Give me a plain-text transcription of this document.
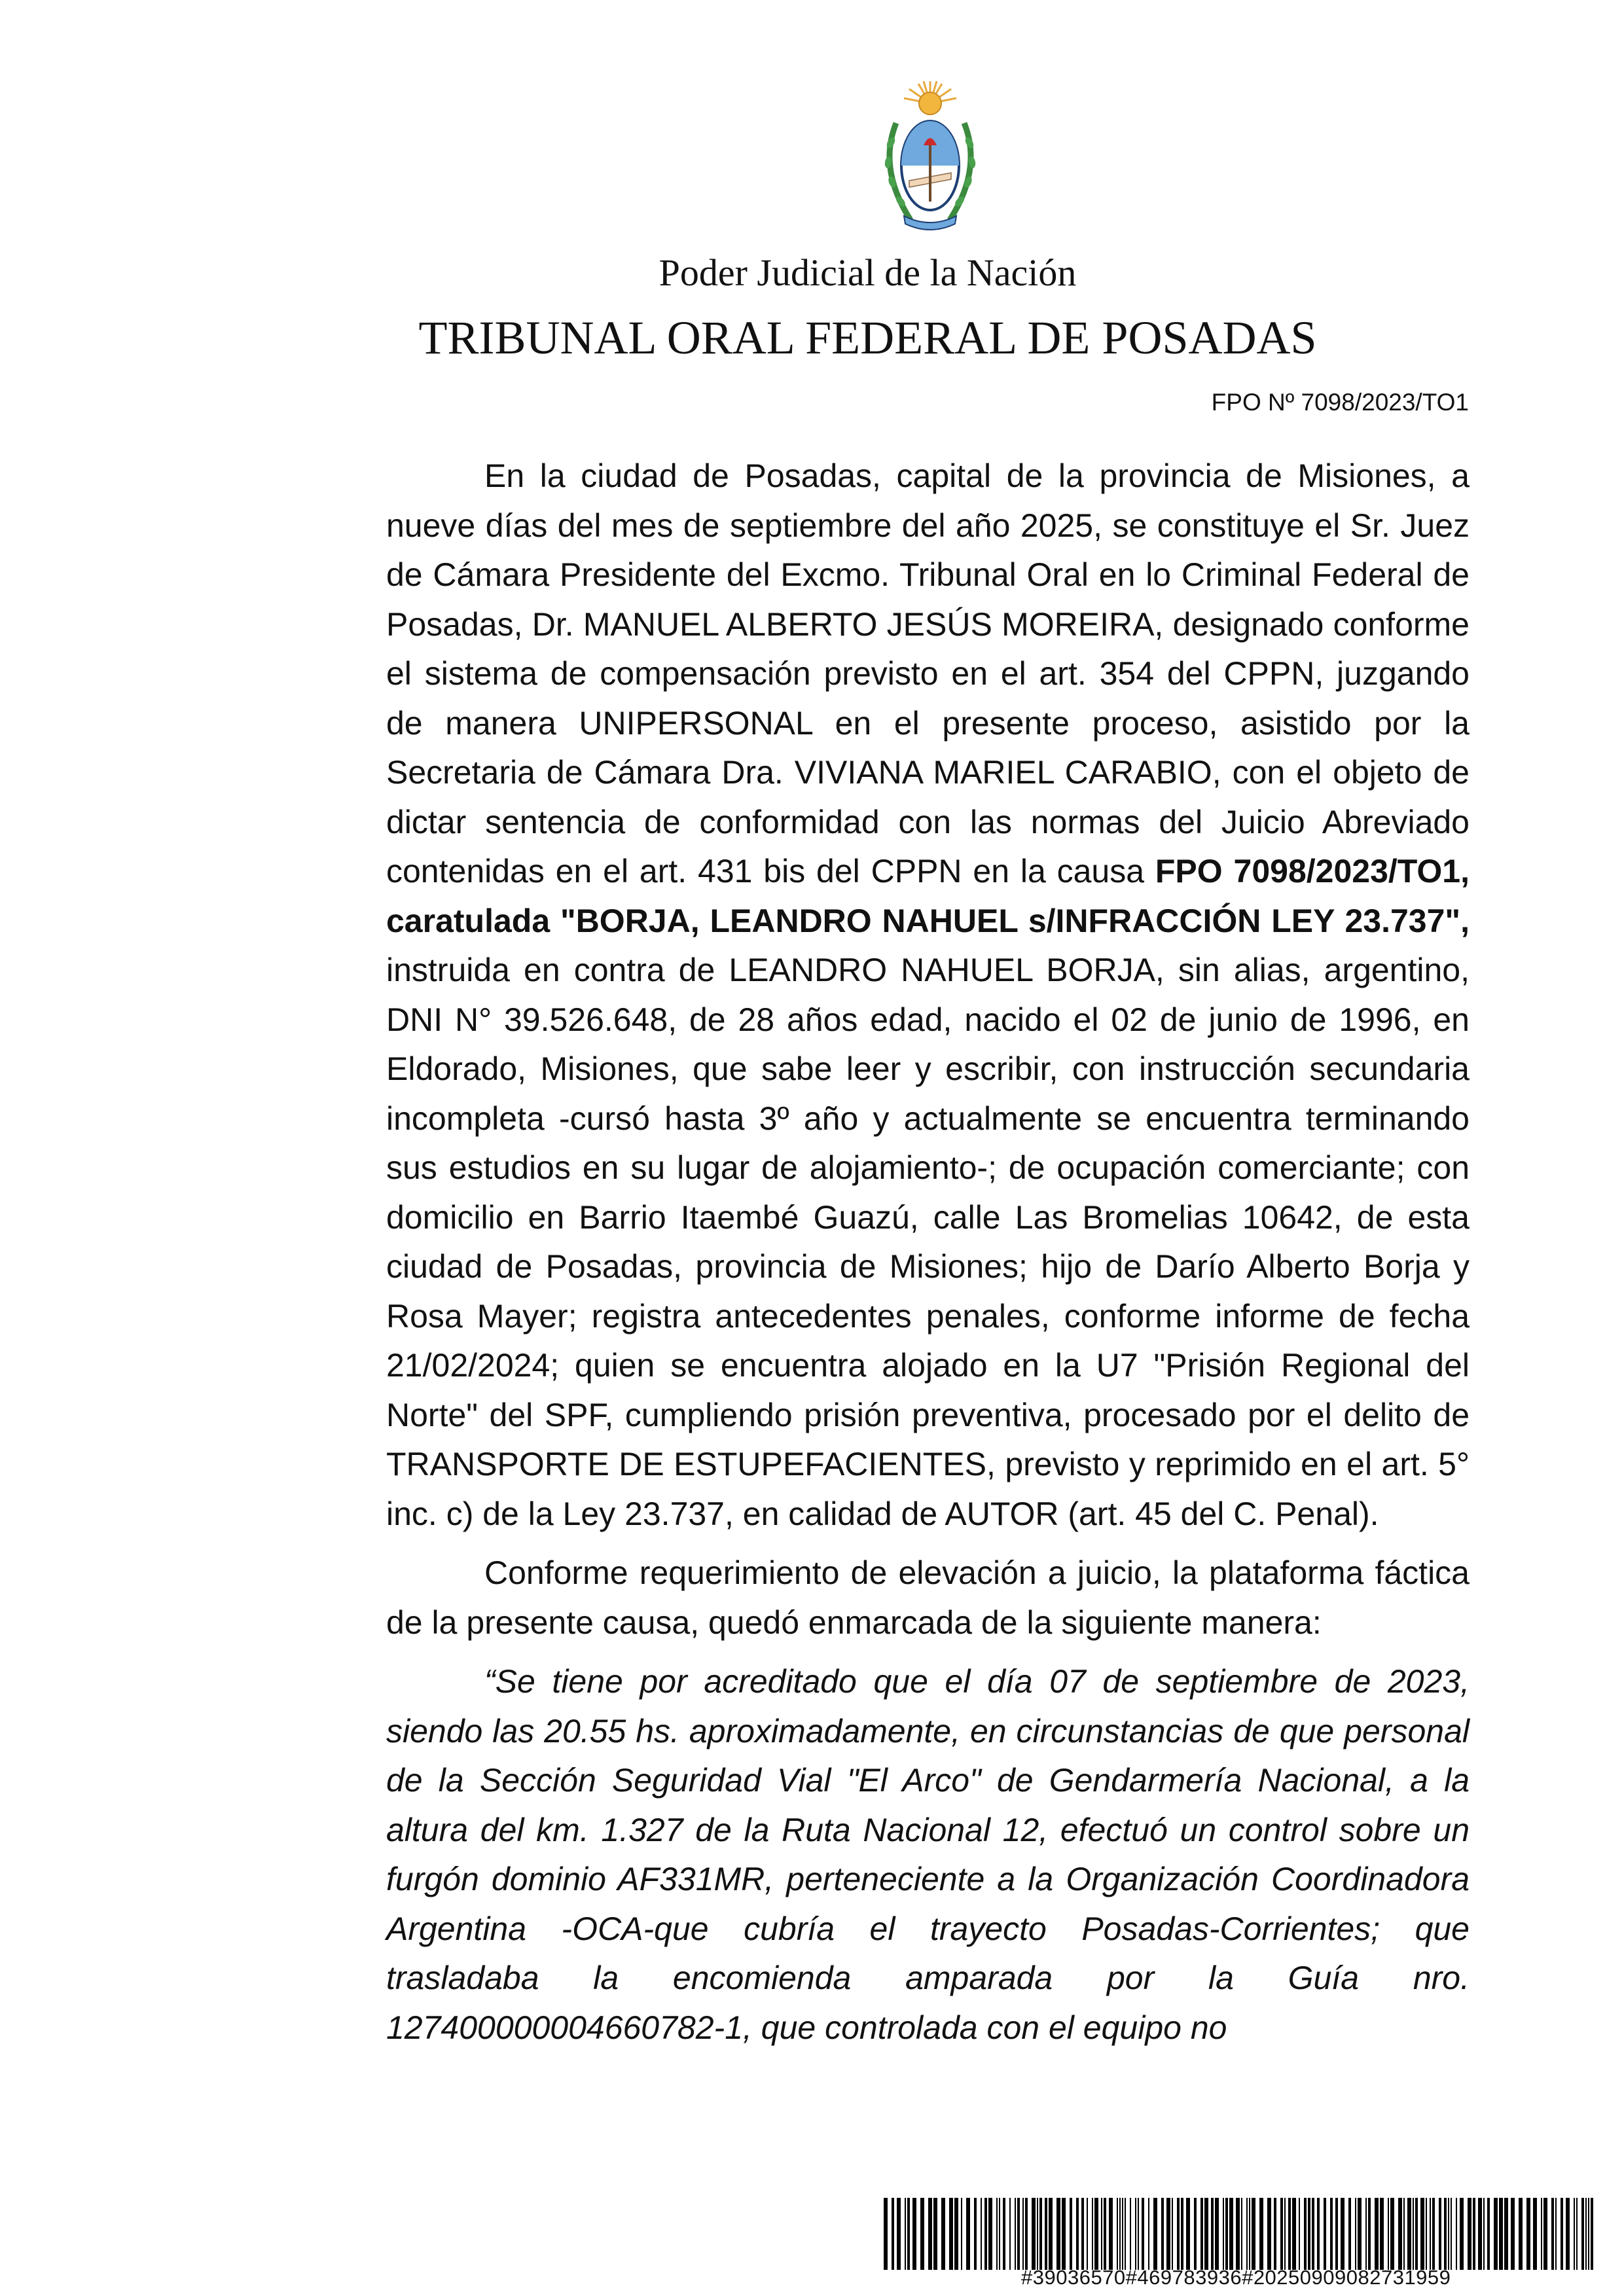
Poder Judicial de la Nación
TRIBUNAL ORAL FEDERAL DE POSADAS
FPO Nº 7098/2023/TO1

En la ciudad de Posadas, capital de la provincia de Misiones, a nueve días del mes de septiembre del año 2025, se constituye el Sr. Juez de Cámara Presidente del Excmo. Tribunal Oral en lo Criminal Federal de Posadas, Dr. MANUEL ALBERTO JESÚS MOREIRA, designado conforme el sistema de compensación previsto en el art. 354 del CPPN, juzgando de manera UNIPERSONAL en el presente proceso, asistido por la Secretaria de Cámara Dra. VIVIANA MARIEL CARABIO, con el objeto de dictar sentencia de conformidad con las normas del Juicio Abreviado contenidas en el art. 431 bis del CPPN en la causa FPO 7098/2023/TO1, caratulada "BORJA, LEANDRO NAHUEL s/INFRACCIÓN LEY 23.737", instruida en contra de LEANDRO NAHUEL BORJA, sin alias, argentino, DNI N° 39.526.648, de 28 años edad, nacido el 02 de junio de 1996, en Eldorado, Misiones, que sabe leer y escribir, con instrucción secundaria incompleta -cursó hasta 3º año y actualmente se encuentra terminando sus estudios en su lugar de alojamiento-; de ocupación comerciante; con domicilio en Barrio Itaembé Guazú, calle Las Bromelias 10642, de esta ciudad de Posadas, provincia de Misiones; hijo de Darío Alberto Borja y Rosa Mayer; registra antecedentes penales, conforme informe de fecha 21/02/2024; quien se encuentra alojado en la U7 "Prisión Regional del Norte" del SPF, cumpliendo prisión preventiva, procesado por el delito de TRANSPORTE DE ESTUPEFACIENTES, previsto y reprimido en el art. 5° inc. c) de la Ley 23.737, en calidad de AUTOR (art. 45 del C. Penal).

Conforme requerimiento de elevación a juicio, la plataforma fáctica de la presente causa, quedó enmarcada de la siguiente manera:

“Se tiene por acreditado que el día 07 de septiembre de 2023, siendo las 20.55 hs. aproximadamente, en circunstancias de que personal de la Sección Seguridad Vial "El Arco" de Gendarmería Nacional, a la altura del km. 1.327 de la Ruta Nacional 12, efectuó un control sobre un furgón dominio AF331MR, perteneciente a la Organización Coordinadora Argentina -OCA-que cubría el trayecto Posadas-Corrientes; que trasladaba la encomienda amparada por la Guía nro. 127400000004660782-1, que controlada con el equipo no

#39036570#469783936#20250909082731959
